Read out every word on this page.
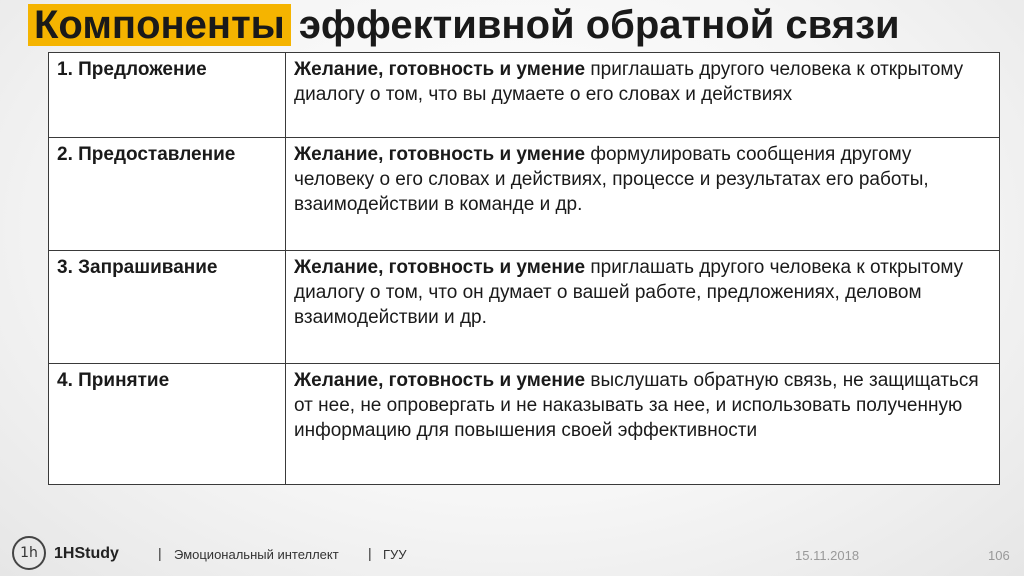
Компоненты эффективной обратной связи
1. Предложение	Желание, готовность и умение приглашать другого человека к открытому диалогу о том, что вы думаете о его словах и действиях
2. Предоставление	Желание, готовность и умение формулировать сообщения другому человеку о его словах и действиях, процессе и результатах его работы, взаимодействии в команде и др.
3. Запрашивание	Желание, готовность и умение приглашать другого человека к открытому диалогу о том, что он думает о вашей работе, предложениях, деловом взаимодействии и др.
4. Принятие	Желание, готовность и умение выслушать обратную связь, не защищаться от нее, не опровергать и не наказывать за нее, и использовать полученную информацию для повышения своей эффективности
1h 1HStudy	| Эмоциональный интеллект | ГУУ	15.11.2018	106
